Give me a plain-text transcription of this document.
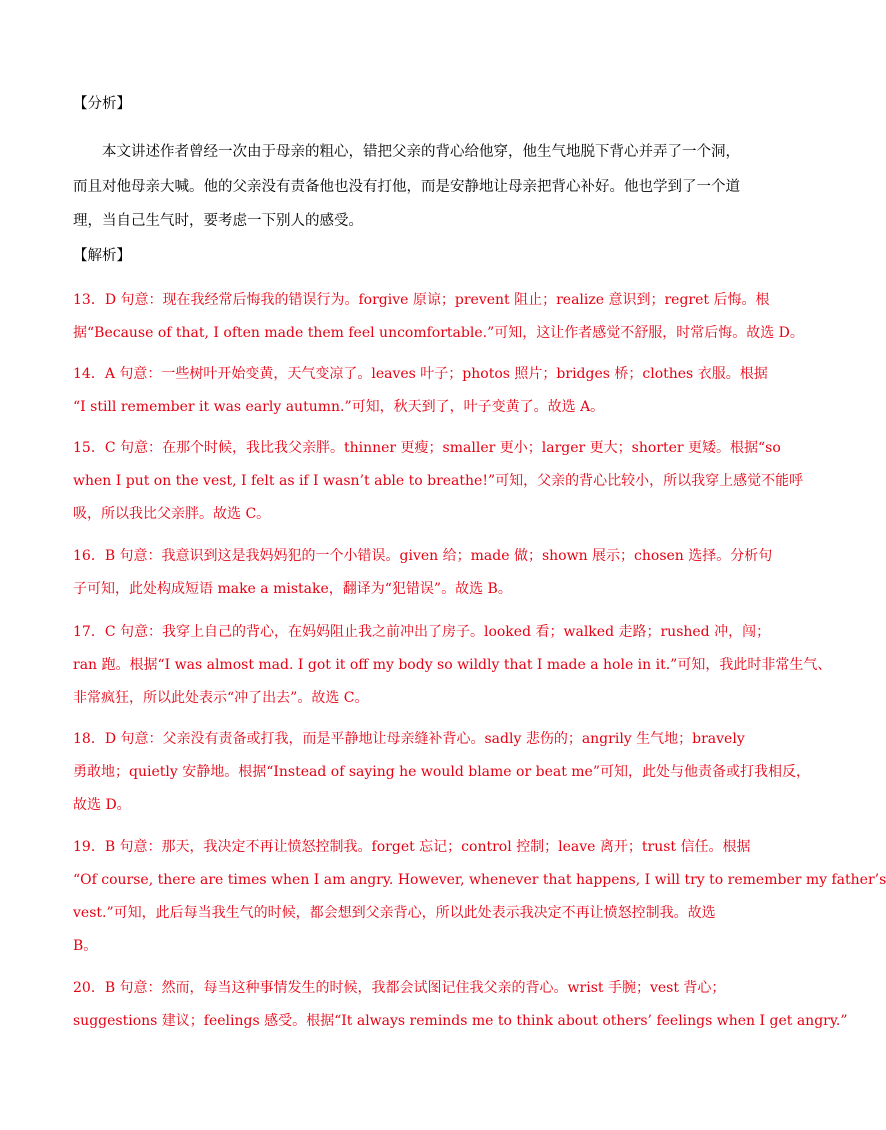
【分析】
本文讲述作者曾经一次由于母亲的粗心，错把父亲的背心给他穿，他生气地脱下背心并弄了一个洞，
而且对他母亲大喊。他的父亲没有责备他也没有打他，而是安静地让母亲把背心补好。他也学到了一个道
理，当自己生气时，要考虑一下别人的感受。
【解析】
13．D 句意：现在我经常后悔我的错误行为。forgive 原谅；prevent 阻止；realize 意识到；regret 后悔。根
据“Because of that, I often made them feel uncomfortable.”可知，这让作者感觉不舒服，时常后悔。故选 D。
14．A 句意：一些树叶开始变黄，天气变凉了。leaves 叶子；photos 照片；bridges 桥；clothes 衣服。根据
“I still remember it was early autumn.”可知，秋天到了，叶子变黄了。故选 A。
15．C 句意：在那个时候，我比我父亲胖。thinner 更瘦；smaller 更小；larger 更大；shorter 更矮。根据“so
when I put on the vest, I felt as if I wasn’t able to breathe!”可知，父亲的背心比较小，所以我穿上感觉不能呼
吸，所以我比父亲胖。故选 C。
16．B 句意：我意识到这是我妈妈犯的一个小错误。given 给；made 做；shown 展示；chosen 选择。分析句
子可知，此处构成短语 make a mistake，翻译为“犯错误”。故选 B。
17．C 句意：我穿上自己的背心，在妈妈阻止我之前冲出了房子。looked 看；walked 走路；rushed 冲，闯；
ran 跑。根据“I was almost mad. I got it off my body so wildly that I made a hole in it.”可知，我此时非常生气、
非常疯狂，所以此处表示“冲了出去”。故选 C。
18．D 句意：父亲没有责备或打我，而是平静地让母亲缝补背心。sadly 悲伤的；angrily 生气地；bravely
勇敢地；quietly 安静地。根据“Instead of saying he would blame or beat me”可知，此处与他责备或打我相反，
故选 D。
19．B 句意：那天，我决定不再让愤怒控制我。forget 忘记；control 控制；leave 离开；trust 信任。根据
“Of course, there are times when I am angry. However, whenever that happens, I will try to remember my father’s
vest.”可知，此后每当我生气的时候，都会想到父亲背心，所以此处表示我决定不再让愤怒控制我。故选
B。
20．B 句意：然而，每当这种事情发生的时候，我都会试图记住我父亲的背心。wrist 手腕；vest 背心；
suggestions 建议；feelings 感受。根据“It always reminds me to think about others’ feelings when I get angry.”
